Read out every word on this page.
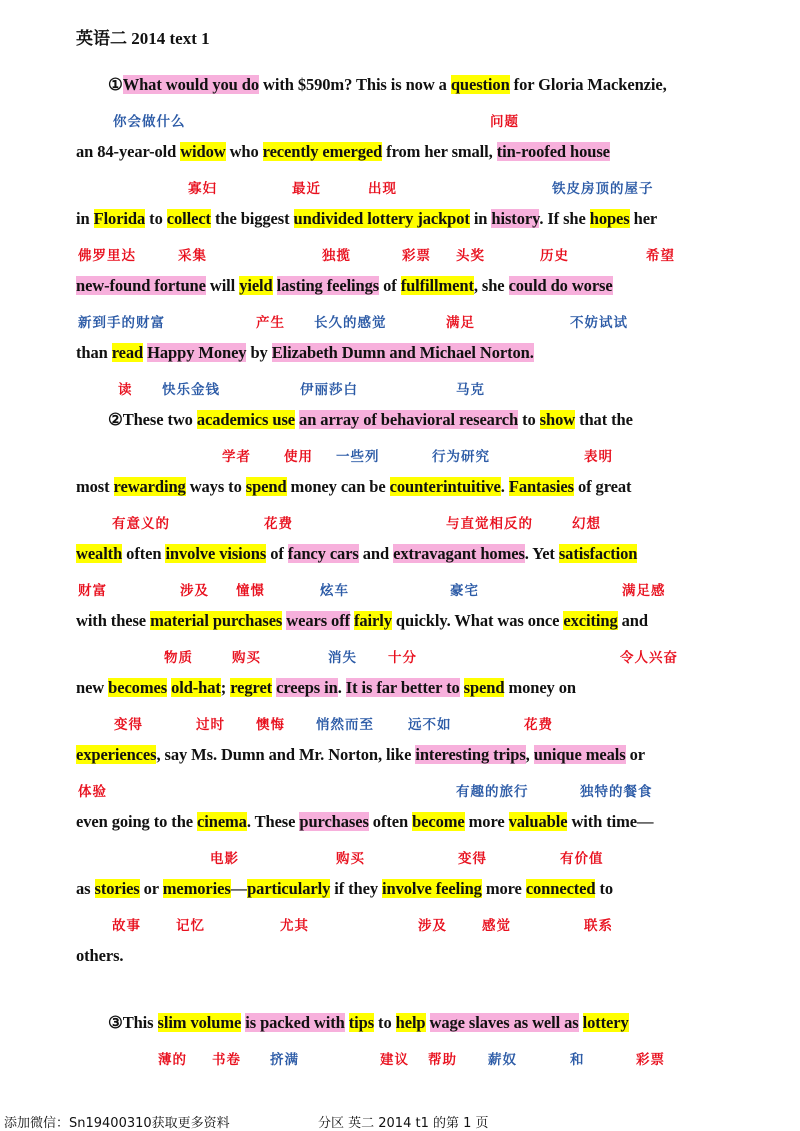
英语二 2014 text 1
①What would you do with $590m? This is now a question for Gloria Mackenzie,
an 84-year-old widow who recently emerged from her small, tin-roofed house
in Florida to collect the biggest undivided lottery jackpot in history. If she hopes her
new-found fortune will yield lasting feelings of fulfillment, she could do worse
than read Happy Money by Elizabeth Dumn and Michael Norton.
②These two academics use an array of behavioral research to show that the
most rewarding ways to spend money can be counterintuitive. Fantasies of great
wealth often involve visions of fancy cars and extravagant homes. Yet satisfaction
with these material purchases wears off fairly quickly. What was once exciting and
new becomes old-hat; regret creeps in. It is far better to spend money on
experiences, say Ms. Dumn and Mr. Norton, like interesting trips, unique meals or
even going to the cinema. These purchases often become more valuable with time—
as stories or memories—particularly if they involve feeling more connected to
others.
③This slim volume is packed with tips to help wage slaves as well as lottery
你会做什么	问题
寡妇	最近	出现	铁皮房顶的屋子
佛罗里达	采集	独揽	彩票 头奖	历史	希望
新到手的财富	产生 长久的感觉	满足	不妨试试
读 快乐金钱	伊丽莎白	马克
学者 使用 一些列	行为研究	表明
有意义的	花费	与直觉相反的	幻想
财富	涉及 憧憬	炫车	豪宅	满足感
物质	购买	消失 十分	令人兴奋
变得	过时 懊悔 悄然而至	远不如	花费
体验	有趣的旅行	独特的餐食
电影	购买	变得	有价值
故事	记忆	尤其	涉及	感觉	联系
薄的 书卷 挤满	建议 帮助 薪奴	和	彩票
添加微信：Sn19400310获取更多资料	分区 英二 2014 t1 的第 1 页
